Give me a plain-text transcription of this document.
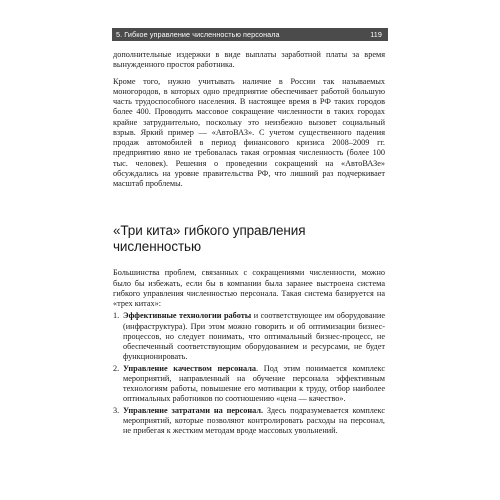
5. Гибкое управление численностью персонала	119

дополнительные издержки в виде выплаты заработной платы за время вынужденного простоя работника.

Кроме того, нужно учитывать наличие в России так называемых моногородов, в которых одно предприятие обеспечивает работой большую часть трудоспособного населения. В настоящее время в РФ таких городов более 400. Проводить массовое сокращение численности в таких городах крайне затруднительно, поскольку это неизбежно вызовет социальный взрыв. Яркий пример — «АвтоВАЗ». С учетом существенного падения продаж автомобилей в период финансового кризиса 2008–2009 гг. предприятию явно не требовалась такая огромная численность (более 100 тыс. человек). Решения о проведении сокращений на «АвтоВАЗе» обсуждались на уровне правительства РФ, что лишний раз подчеркивает масштаб проблемы.

«Три кита» гибкого управления численностью

Большинства проблем, связанных с сокращениями численности, можно было бы избежать, если бы в компании была заранее выстроена система гибкого управления численностью персонала. Такая система базируется на «трех китах»:

1. Эффективные технологии работы и соответствующее им оборудование (инфраструктура). При этом можно говорить и об оптимизации бизнес-процессов, но следует понимать, что оптимальный бизнес-процесс, не обеспеченный соответствующим оборудованием и ресурсами, не будет функционировать.
2. Управление качеством персонала. Под этим понимается комплекс мероприятий, направленный на обучение персонала эффективным технологиям работы, повышение его мотивации к труду, отбор наиболее оптимальных работников по соотношению «цена — качество».
3. Управление затратами на персонал. Здесь подразумевается комплекс мероприятий, которые позволяют контролировать расходы на персонал, не прибегая к жестким методам вроде массовых увольнений.
